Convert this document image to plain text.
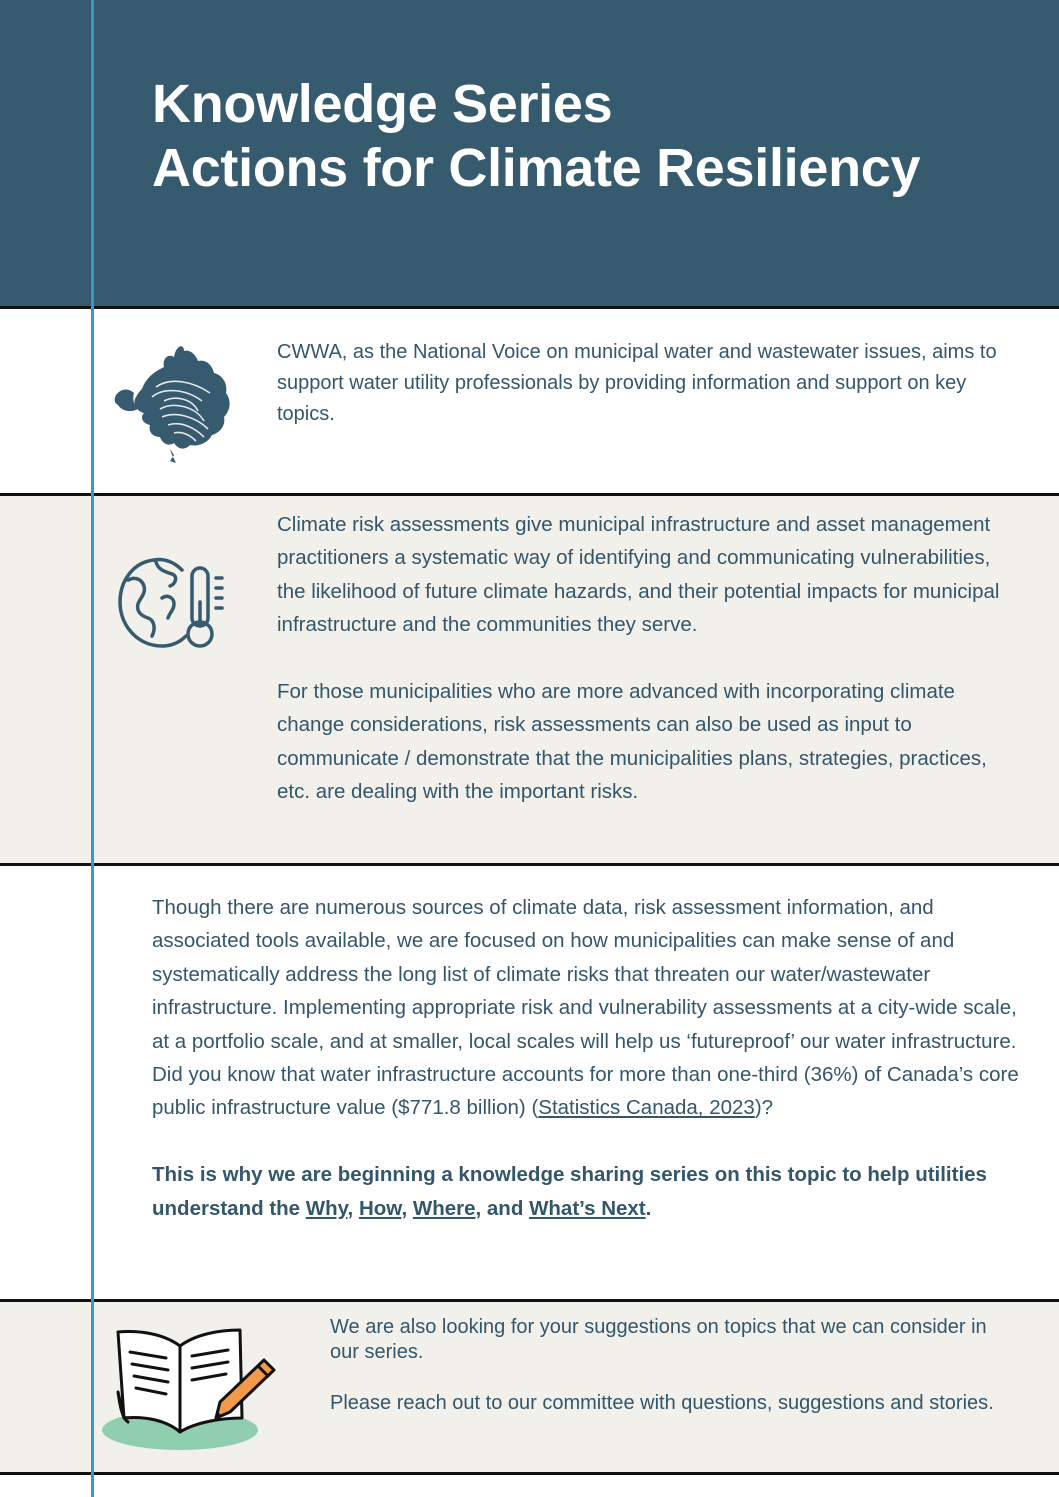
Knowledge Series
Actions for Climate Resiliency

CWWA, as the National Voice on municipal water and wastewater issues, aims to support water utility professionals by providing information and support on key topics.

Climate risk assessments give municipal infrastructure and asset management practitioners a systematic way of identifying and communicating vulnerabilities, the likelihood of future climate hazards, and their potential impacts for municipal infrastructure and the communities they serve.

For those municipalities who are more advanced with incorporating climate change considerations, risk assessments can also be used as input to communicate / demonstrate that the municipalities plans, strategies, practices, etc. are dealing with the important risks.

Though there are numerous sources of climate data, risk assessment information, and associated tools available, we are focused on how municipalities can make sense of and systematically address the long list of climate risks that threaten our water/wastewater infrastructure. Implementing appropriate risk and vulnerability assessments at a city-wide scale, at a portfolio scale, and at smaller, local scales will help us ‘futureproof’ our water infrastructure. Did you know that water infrastructure accounts for more than one-third (36%) of Canada’s core public infrastructure value ($771.8 billion) (Statistics Canada, 2023)?

This is why we are beginning a knowledge sharing series on this topic to help utilities understand the Why, How, Where, and What’s Next.

We are also looking for your suggestions on topics that we can consider in our series.

Please reach out to our committee with questions, suggestions and stories.
